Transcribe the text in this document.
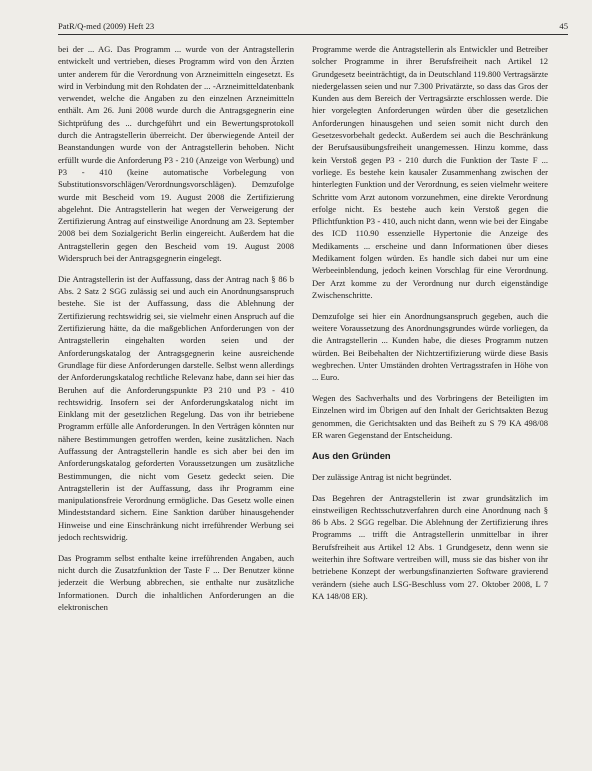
PatR/Q-med (2009) Heft 23	45

bei der ... AG. Das Programm ... wurde von der Antragstellerin entwickelt und vertrieben, dieses Programm wird von den Ärzten unter anderem für die Verordnung von Arzneimitteln eingesetzt. Es wird in Verbindung mit den Rohdaten der ... -Arzneimitteldatenbank verwendet, welche die Angaben zu den einzelnen Arzneimitteln enthält. Am 26. Juni 2008 wurde durch die Antragsgegnerin eine Sichtprüfung des ... durchgeführt und ein Bewertungsprotokoll durch die Antragstellerin überreicht. Der überwiegende Anteil der Beanstandungen wurde von der Antragstellerin behoben. Nicht erfüllt wurde die Anforderung P3 - 210 (Anzeige von Werbung) und P3 - 410 (keine automatische Vorbelegung von Substitutionsvorschlägen/Verordnungsvorschlägen). Demzufolge wurde mit Bescheid vom 19. August 2008 die Zertifizierung abgelehnt. Die Antragstellerin hat wegen der Verweigerung der Zertifizierung Antrag auf einstweilige Anordnung am 23. September 2008 bei dem Sozialgericht Berlin eingereicht. Außerdem hat die Antragstellerin gegen den Bescheid vom 19. August 2008 Widerspruch bei der Antragsgegnerin eingelegt.

Die Antragstellerin ist der Auffassung, dass der Antrag nach § 86 b Abs. 2 Satz 2 SGG zulässig sei und auch ein Anordnungsanspruch bestehe. Sie ist der Auffassung, dass die Ablehnung der Zertifizierung rechtswidrig sei, sie vielmehr einen Anspruch auf die Zertifizierung hätte, da die maßgeblichen Anforderungen von der Antragstellerin eingehalten worden seien und der Anforderungskatalog der Antragsgegnerin keine ausreichende Grundlage für diese Anforderungen darstelle. Selbst wenn allerdings der Anforderungskatalog rechtliche Relevanz habe, dann sei hier das Beruhen auf die Anforderungspunkte P3 210 und P3 - 410 rechtswidrig. Insofern sei der Anforderungskatalog nicht im Einklang mit der gesetzlichen Regelung. Das von ihr betriebene Programm erfülle alle Anforderungen. In den Verträgen könnten nur nähere Bestimmungen getroffen werden, keine zusätzlichen. Nach Auffassung der Antragstellerin handle es sich aber bei den im Anforderungskatalog geforderten Voraussetzungen um zusätzliche Bestimmungen, die nicht vom Gesetz gedeckt seien. Die Antragstellerin ist der Auffassung, dass ihr Programm eine manipulationsfreie Verordnung ermögliche. Das Gesetz wolle einen Mindeststandard sichern. Eine Sanktion darüber hinausgehender Hinweise und eine Einschränkung nicht irreführender Werbung sei jedoch rechtswidrig.

Das Programm selbst enthalte keine irreführenden Angaben, auch nicht durch die Zusatzfunktion der Taste F ... Der Benutzer könne jederzeit die Werbung abbrechen, sie enthalte nur zusätzliche Informationen. Durch die inhaltlichen Anforderungen an die elektronischen

Programme werde die Antragstellerin als Entwickler und Betreiber solcher Programme in ihrer Berufsfreiheit nach Artikel 12 Grundgesetz beeinträchtigt, da in Deutschland 119.800 Vertragsärzte niedergelassen seien und nur 7.300 Privatärzte, so dass das Gros der Kunden aus dem Bereich der Vertragsärzte erschlossen werde. Die hier vorgelegten Anforderungen würden über die gesetzlichen Anforderungen hinausgehen und seien somit nicht durch den Gesetzesvorbehalt gedeckt. Außerdem sei auch die Beschränkung der Berufsausübungsfreiheit unangemessen. Hinzu komme, dass kein Verstoß gegen P3 - 210 durch die Funktion der Taste F ... vorliege. Es bestehe kein kausaler Zusammenhang zwischen der hinterlegten Funktion und der Verordnung, es seien vielmehr weitere Schritte vom Arzt autonom vorzunehmen, eine direkte Verordnung erfolge nicht. Es bestehe auch kein Verstoß gegen die Pflichtfunktion P3 - 410, auch nicht dann, wenn wie bei der Eingabe des ICD 110.90 essenzielle Hypertonie die Anzeige des Medikaments ... erscheine und dann Informationen über dieses Medikament folgen würden. Es handle sich dabei nur um eine Werbeeinblendung, jedoch keinen Vorschlag für eine Verordnung. Der Arzt komme zu der Verordnung nur durch eigenständige Zwischenschritte.

Demzufolge sei hier ein Anordnungsanspruch gegeben, auch die weitere Voraussetzung des Anordnungsgrundes würde vorliegen, da die Antragstellerin ... Kunden habe, die dieses Programm nutzen würden. Bei Beibehalten der Nichtzertifizierung würde diese Basis wegbrechen. Unter Umständen drohten Vertragsstrafen in Höhe von ... Euro.

Wegen des Sachverhalts und des Vorbringens der Beteiligten im Einzelnen wird im Übrigen auf den Inhalt der Gerichtsakten Bezug genommen, die Gerichtsakten und das Beiheft zu S 79 KA 498/08 ER waren Gegenstand der Entscheidung.

Aus den Gründen

Der zulässige Antrag ist nicht begründet.

Das Begehren der Antragstellerin ist zwar grundsätzlich im einstweiligen Rechtsschutzverfahren durch eine Anordnung nach § 86 b Abs. 2 SGG regelbar. Die Ablehnung der Zertifizierung ihres Programms ... trifft die Antragstellerin unmittelbar in ihrer Berufsfreiheit aus Artikel 12 Abs. 1 Grundgesetz, denn wenn sie weiterhin ihre Software vertreiben will, muss sie das bisher von ihr betriebene Konzept der werbungsfinanzierten Software gravierend verändern (siehe auch LSG-Beschluss vom 27. Oktober 2008, L 7 KA 148/08 ER).
